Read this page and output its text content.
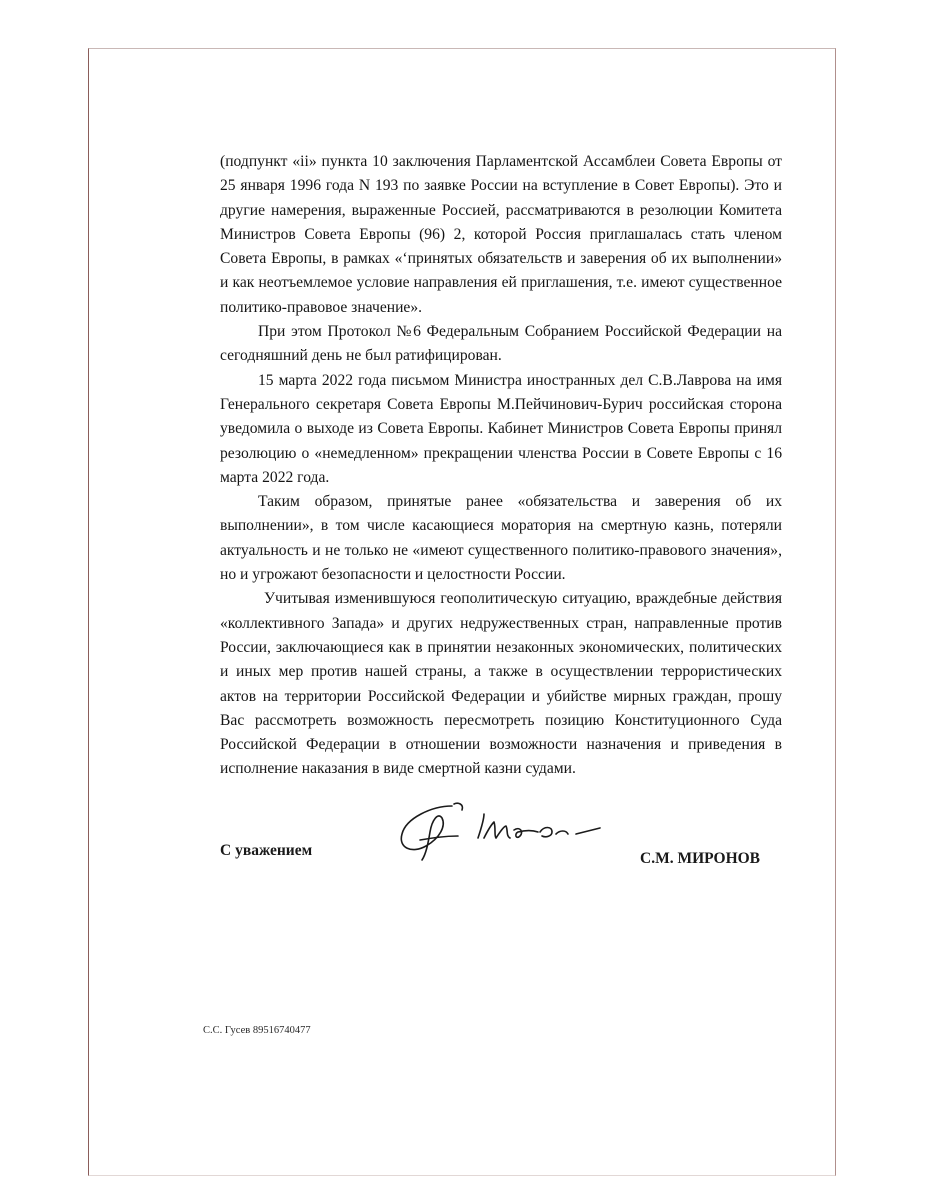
(подпункт «ii» пункта 10 заключения Парламентской Ассамблеи Совета Европы от 25 января 1996 года N 193 по заявке России на вступление в Совет Европы). Это и другие намерения, выраженные Россией, рассматриваются в резолюции Комитета Министров Совета Европы (96) 2, которой Россия приглашалась стать членом Совета Европы, в рамках «ʻпринятых обязательств и заверения об их выполнении» и как неотъемлемое условие направления ей приглашения, т.е. имеют существенное политико-правовое значение».

При этом Протокол №6 Федеральным Собранием Российской Федерации на сегодняшний день не был ратифицирован.

15 марта 2022 года письмом Министра иностранных дел С.В.Лаврова на имя Генерального секретаря Совета Европы М.Пейчинович-Бурич российская сторона уведомила о выходе из Совета Европы. Кабинет Министров Совета Европы принял резолюцию о «немедленном» прекращении членства России в Совете Европы с 16 марта 2022 года.

Таким образом, принятые ранее «обязательства и заверения об их выполнении», в том числе касающиеся моратория на смертную казнь, потеряли актуальность и не только не «имеют существенного политико-правового значения», но и угрожают безопасности и целостности России.

Учитывая изменившуюся геополитическую ситуацию, враждебные действия «коллективного Запада» и других недружественных стран, направленные против России, заключающиеся как в принятии незаконных экономических, политических и иных мер против нашей страны, а также в осуществлении террористических актов на территории Российской Федерации и убийстве мирных граждан, прошу Вас рассмотреть возможность пересмотреть позицию Конституционного Суда Российской Федерации в отношении возможности назначения и приведения в исполнение наказания в виде смертной казни судами.

С уважением	С.М. МИРОНОВ
С.С. Гусев 89516740477
